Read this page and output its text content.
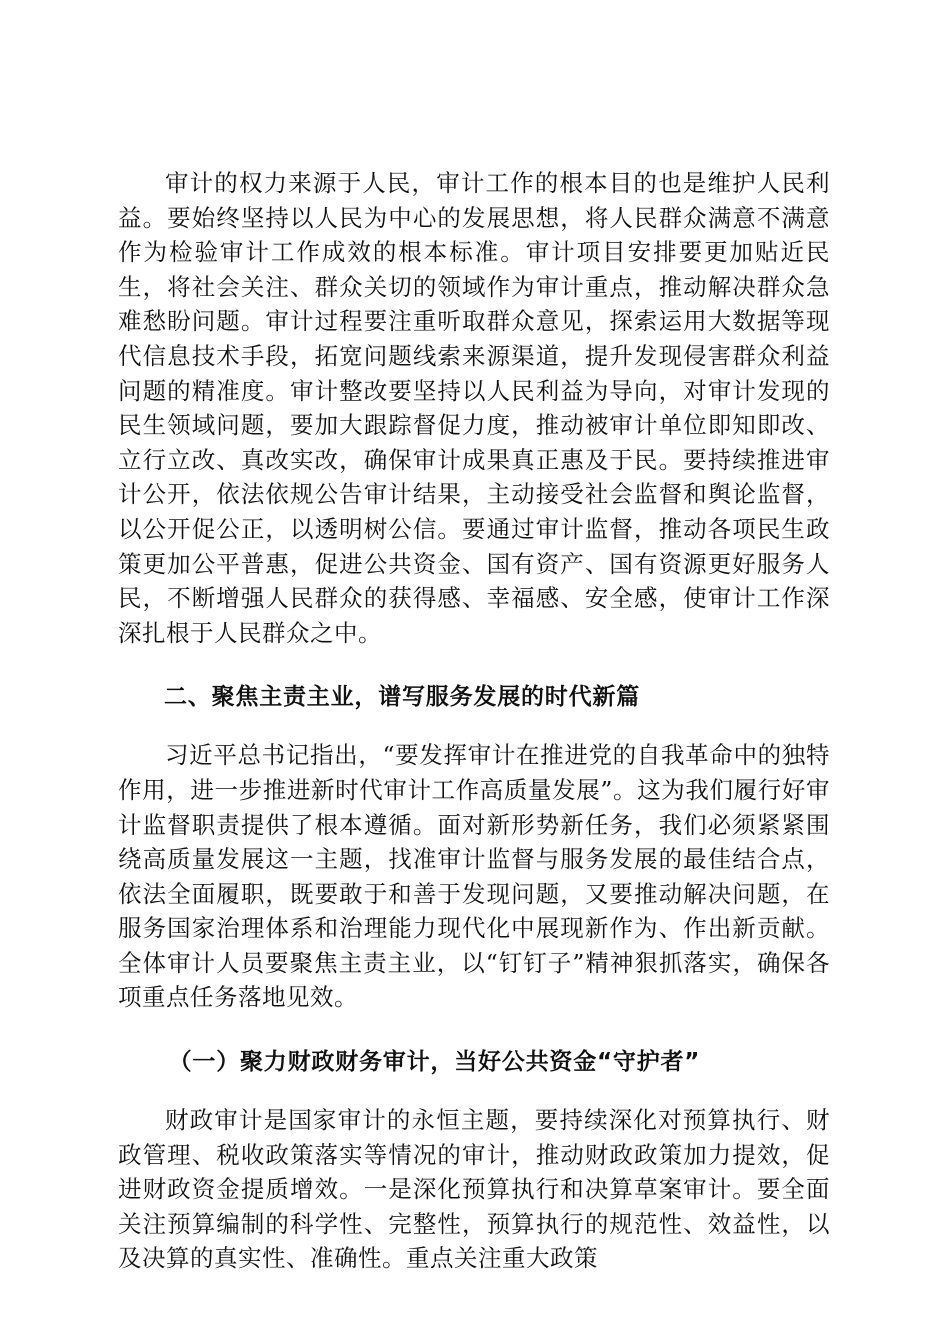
审计的权力来源于人民，审计工作的根本目的也是维护人民利益。要始终坚持以人民为中心的发展思想，将人民群众满意不满意作为检验审计工作成效的根本标准。审计项目安排要更加贴近民生，将社会关注、群众关切的领域作为审计重点，推动解决群众急难愁盼问题。审计过程要注重听取群众意见，探索运用大数据等现代信息技术手段，拓宽问题线索来源渠道，提升发现侵害群众利益问题的精准度。审计整改要坚持以人民利益为导向，对审计发现的民生领域问题，要加大跟踪督促力度，推动被审计单位即知即改、立行立改、真改实改，确保审计成果真正惠及于民。要持续推进审计公开，依法依规公告审计结果，主动接受社会监督和舆论监督，以公开促公正，以透明树公信。要通过审计监督，推动各项民生政策更加公平普惠，促进公共资金、国有资产、国有资源更好服务人民，不断增强人民群众的获得感、幸福感、安全感，使审计工作深深扎根于人民群众之中。

二、聚焦主责主业，谱写服务发展的时代新篇

习近平总书记指出，“要发挥审计在推进党的自我革命中的独特作用，进一步推进新时代审计工作高质量发展”。这为我们履行好审计监督职责提供了根本遵循。面对新形势新任务，我们必须紧紧围绕高质量发展这一主题，找准审计监督与服务发展的最佳结合点，依法全面履职，既要敢于和善于发现问题，又要推动解决问题，在服务国家治理体系和治理能力现代化中展现新作为、作出新贡献。全体审计人员要聚焦主责主业，以“钉钉子”精神狠抓落实，确保各项重点任务落地见效。

（一）聚力财政财务审计，当好公共资金“守护者”

财政审计是国家审计的永恒主题，要持续深化对预算执行、财政管理、税收政策落实等情况的审计，推动财政政策加力提效，促进财政资金提质增效。一是深化预算执行和决算草案审计。要全面关注预算编制的科学性、完整性，预算执行的规范性、效益性，以及决算的真实性、准确性。重点关注重大政策
